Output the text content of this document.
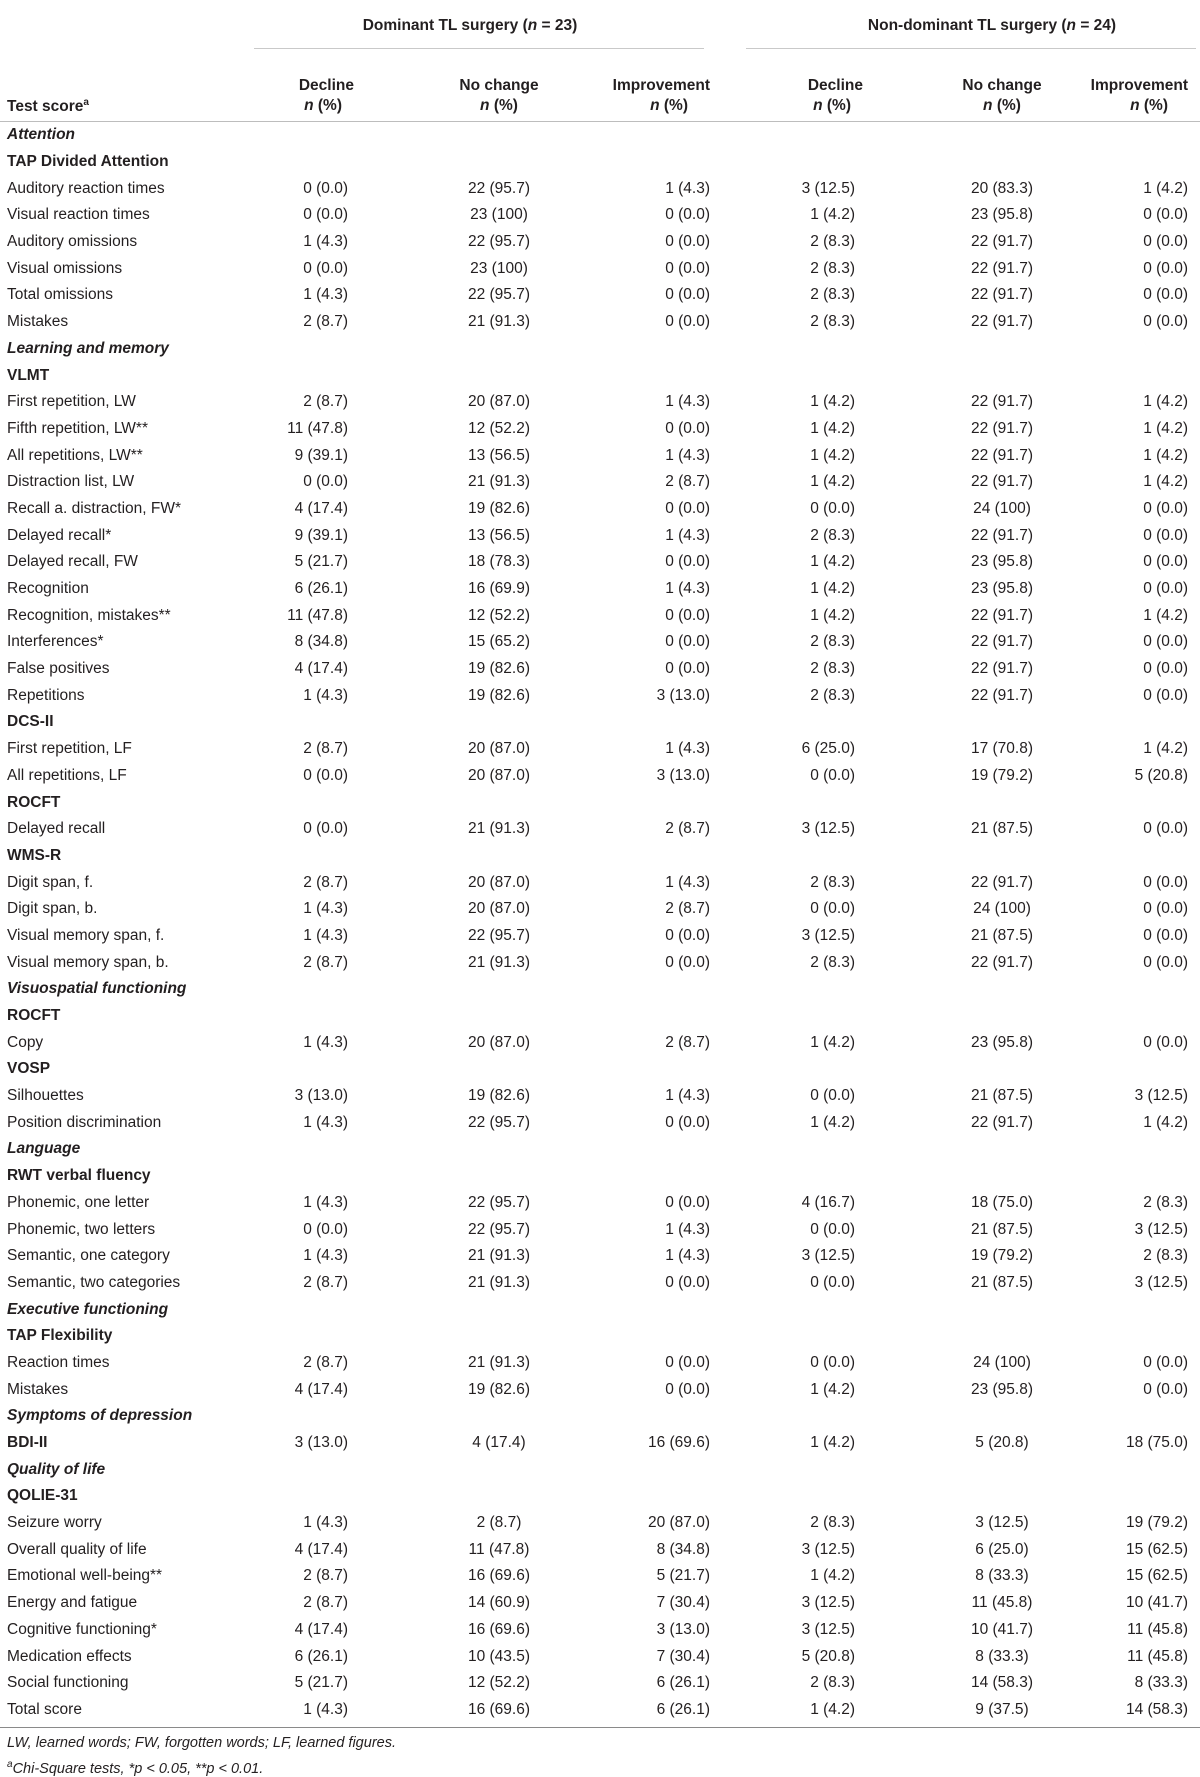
	Dominant TL surgery (n = 23)			Non-dominant TL surgery (n = 24)		
	Decline	No change	Improvement	Decline	No change	Improvement
Test score$^a$	n (%)	n (%)	n (%)	n (%)	n (%)	n (%)
Attention						
TAP Divided Attention						
Auditory reaction times	0 (0.0)	22 (95.7)	1 (4.3)	3 (12.5)	20 (83.3)	1 (4.2)
Visual reaction times	0 (0.0)	23 (100)	0 (0.0)	1 (4.2)	23 (95.8)	0 (0.0)
Auditory omissions	1 (4.3)	22 (95.7)	0 (0.0)	2 (8.3)	22 (91.7)	0 (0.0)
Visual omissions	0 (0.0)	23 (100)	0 (0.0)	2 (8.3)	22 (91.7)	0 (0.0)
Total omissions	1 (4.3)	22 (95.7)	0 (0.0)	2 (8.3)	22 (91.7)	0 (0.0)
Mistakes	2 (8.7)	21 (91.3)	0 (0.0)	2 (8.3)	22 (91.7)	0 (0.0)
Learning and memory						
VLMT						
First repetition, LW	2 (8.7)	20 (87.0)	1 (4.3)	1 (4.2)	22 (91.7)	1 (4.2)
Fifth repetition, LW**	11 (47.8)	12 (52.2)	0 (0.0)	1 (4.2)	22 (91.7)	1 (4.2)
All repetitions, LW**	9 (39.1)	13 (56.5)	1 (4.3)	1 (4.2)	22 (91.7)	1 (4.2)
Distraction list, LW	0 (0.0)	21 (91.3)	2 (8.7)	1 (4.2)	22 (91.7)	1 (4.2)
Recall a. distraction, FW*	4 (17.4)	19 (82.6)	0 (0.0)	0 (0.0)	24 (100)	0 (0.0)
Delayed recall*	9 (39.1)	13 (56.5)	1 (4.3)	2 (8.3)	22 (91.7)	0 (0.0)
Delayed recall, FW	5 (21.7)	18 (78.3)	0 (0.0)	1 (4.2)	23 (95.8)	0 (0.0)
Recognition	6 (26.1)	16 (69.9)	1 (4.3)	1 (4.2)	23 (95.8)	0 (0.0)
Recognition, mistakes**	11 (47.8)	12 (52.2)	0 (0.0)	1 (4.2)	22 (91.7)	1 (4.2)
Interferences*	8 (34.8)	15 (65.2)	0 (0.0)	2 (8.3)	22 (91.7)	0 (0.0)
False positives	4 (17.4)	19 (82.6)	0 (0.0)	2 (8.3)	22 (91.7)	0 (0.0)
Repetitions	1 (4.3)	19 (82.6)	3 (13.0)	2 (8.3)	22 (91.7)	0 (0.0)
DCS-II						
First repetition, LF	2 (8.7)	20 (87.0)	1 (4.3)	6 (25.0)	17 (70.8)	1 (4.2)
All repetitions, LF	0 (0.0)	20 (87.0)	3 (13.0)	0 (0.0)	19 (79.2)	5 (20.8)
ROCFT						
Delayed recall	0 (0.0)	21 (91.3)	2 (8.7)	3 (12.5)	21 (87.5)	0 (0.0)
WMS-R						
Digit span, f.	2 (8.7)	20 (87.0)	1 (4.3)	2 (8.3)	22 (91.7)	0 (0.0)
Digit span, b.	1 (4.3)	20 (87.0)	2 (8.7)	0 (0.0)	24 (100)	0 (0.0)
Visual memory span, f.	1 (4.3)	22 (95.7)	0 (0.0)	3 (12.5)	21 (87.5)	0 (0.0)
Visual memory span, b.	2 (8.7)	21 (91.3)	0 (0.0)	2 (8.3)	22 (91.7)	0 (0.0)
Visuospatial functioning						
ROCFT						
Copy	1 (4.3)	20 (87.0)	2 (8.7)	1 (4.2)	23 (95.8)	0 (0.0)
VOSP						
Silhouettes	3 (13.0)	19 (82.6)	1 (4.3)	0 (0.0)	21 (87.5)	3 (12.5)
Position discrimination	1 (4.3)	22 (95.7)	0 (0.0)	1 (4.2)	22 (91.7)	1 (4.2)
Language						
RWT verbal fluency						
Phonemic, one letter	1 (4.3)	22 (95.7)	0 (0.0)	4 (16.7)	18 (75.0)	2 (8.3)
Phonemic, two letters	0 (0.0)	22 (95.7)	1 (4.3)	0 (0.0)	21 (87.5)	3 (12.5)
Semantic, one category	1 (4.3)	21 (91.3)	1 (4.3)	3 (12.5)	19 (79.2)	2 (8.3)
Semantic, two categories	2 (8.7)	21 (91.3)	0 (0.0)	0 (0.0)	21 (87.5)	3 (12.5)
Executive functioning						
TAP Flexibility						
Reaction times	2 (8.7)	21 (91.3)	0 (0.0)	0 (0.0)	24 (100)	0 (0.0)
Mistakes	4 (17.4)	19 (82.6)	0 (0.0)	1 (4.2)	23 (95.8)	0 (0.0)
Symptoms of depression						
BDI-II	3 (13.0)	4 (17.4)	16 (69.6)	1 (4.2)	5 (20.8)	18 (75.0)
Quality of life						
QOLIE-31						
Seizure worry	1 (4.3)	2 (8.7)	20 (87.0)	2 (8.3)	3 (12.5)	19 (79.2)
Overall quality of life	4 (17.4)	11 (47.8)	8 (34.8)	3 (12.5)	6 (25.0)	15 (62.5)
Emotional well-being**	2 (8.7)	16 (69.6)	5 (21.7)	1 (4.2)	8 (33.3)	15 (62.5)
Energy and fatigue	2 (8.7)	14 (60.9)	7 (30.4)	3 (12.5)	11 (45.8)	10 (41.7)
Cognitive functioning*	4 (17.4)	16 (69.6)	3 (13.0)	3 (12.5)	10 (41.7)	11 (45.8)
Medication effects	6 (26.1)	10 (43.5)	7 (30.4)	5 (20.8)	8 (33.3)	11 (45.8)
Social functioning	5 (21.7)	12 (52.2)	6 (26.1)	2 (8.3)	14 (58.3)	8 (33.3)
Total score	1 (4.3)	16 (69.6)	6 (26.1)	1 (4.2)	9 (37.5)	14 (58.3)
LW, learned words; FW, forgotten words; LF, learned figures.
$^a$Chi-Square tests, *p < 0.05, **p < 0.01.
